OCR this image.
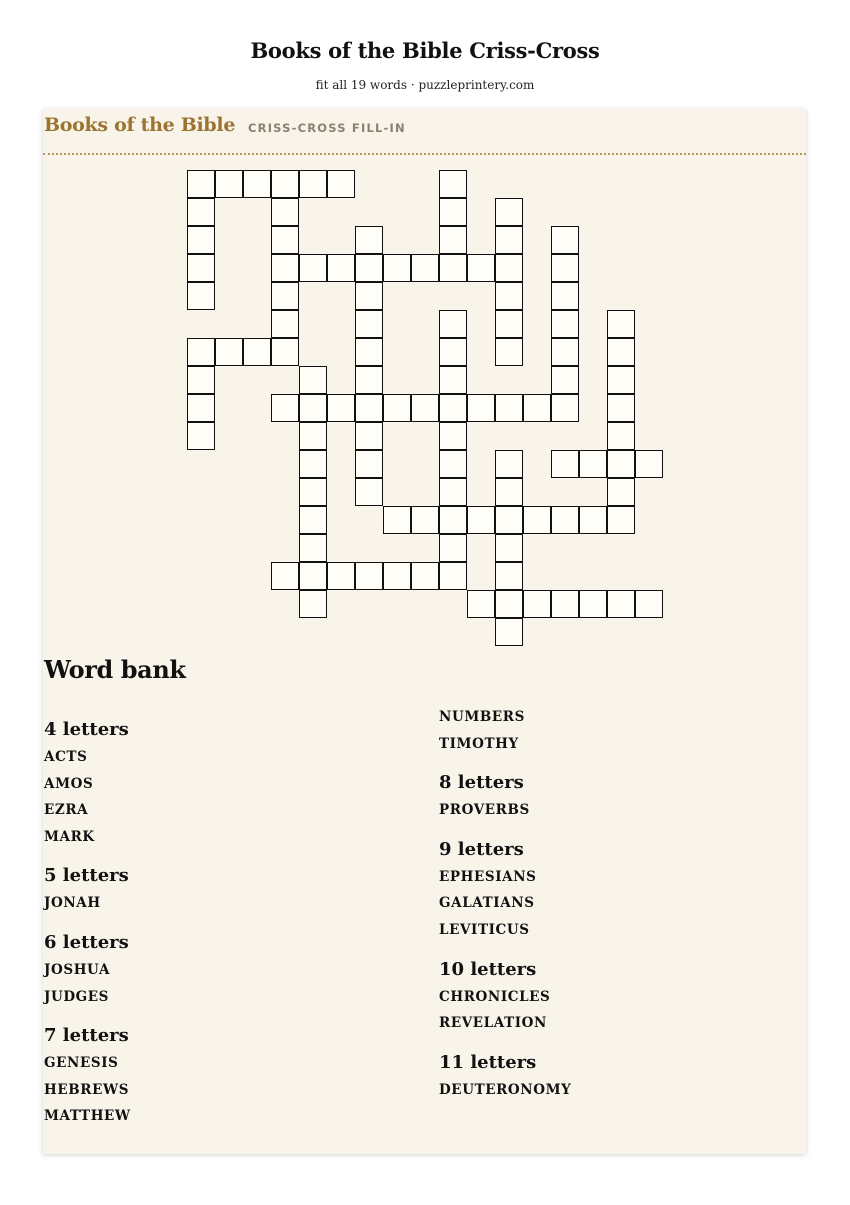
Books of the Bible Criss-Cross
fit all 19 words · puzzleprintery.com
Books of the Bible CRISS-CROSS FILL-IN
Word bank
4 letters
ACTS
AMOS
EZRA
MARK
5 letters
JONAH
6 letters
JOSHUA
JUDGES
7 letters
GENESIS
HEBREWS
MATTHEW
NUMBERS
TIMOTHY
8 letters
PROVERBS
9 letters
EPHESIANS
GALATIANS
LEVITICUS
10 letters
CHRONICLES
REVELATION
11 letters
DEUTERONOMY
